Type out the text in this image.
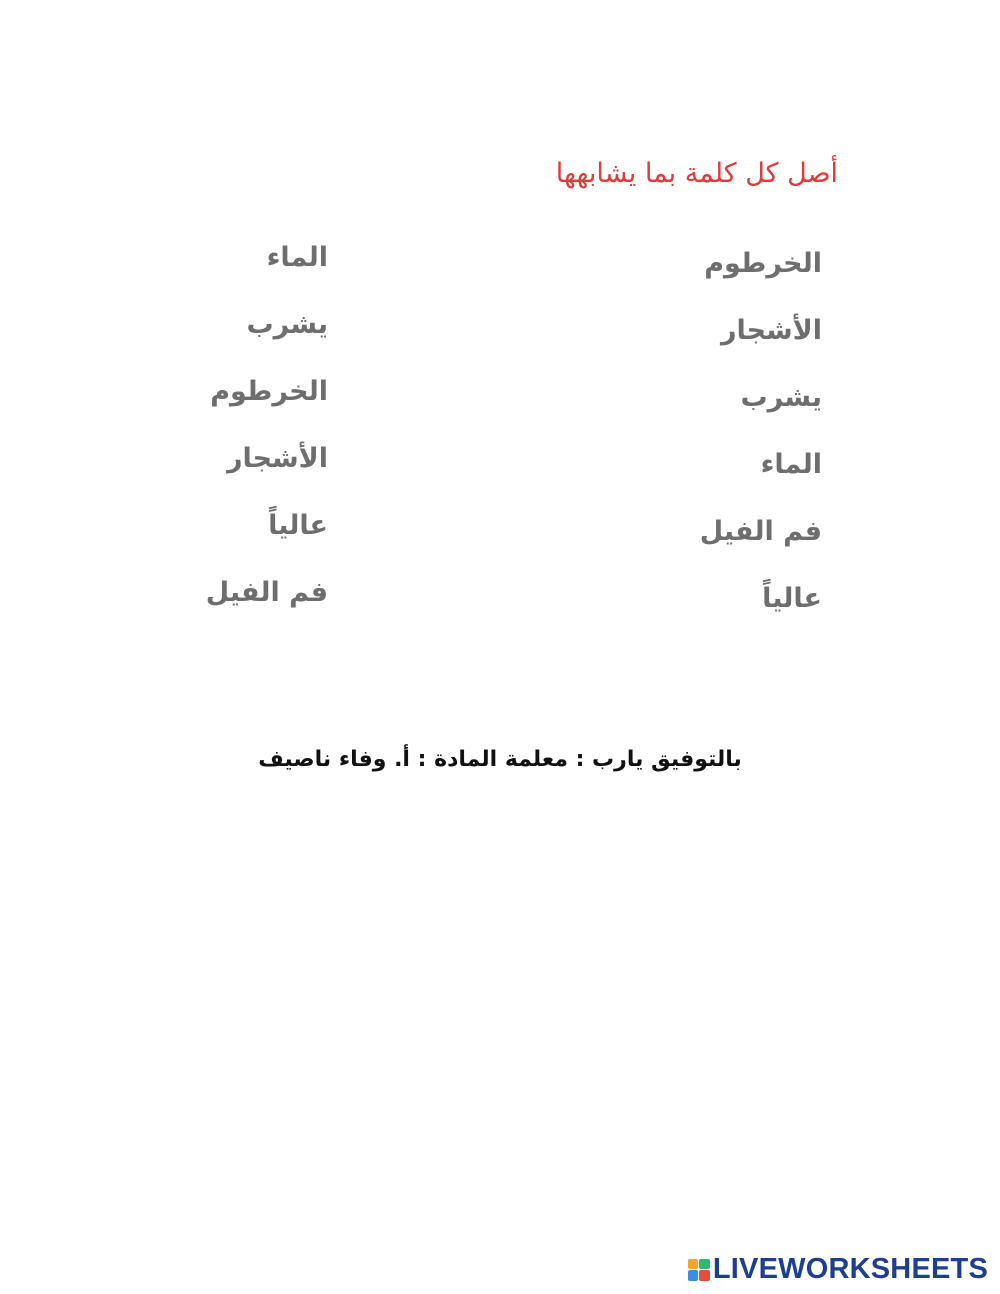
أصل كل كلمة بما يشابهها
الخرطوم
الأشجار
يشرب
الماء
فم الفيل
عالياً
الماء
يشرب
الخرطوم
الأشجار
عالياً
فم الفيل
بالتوفيق يارب : معلمة المادة : أ. وفاء ناصيف
LIVEWORKSHEETS
